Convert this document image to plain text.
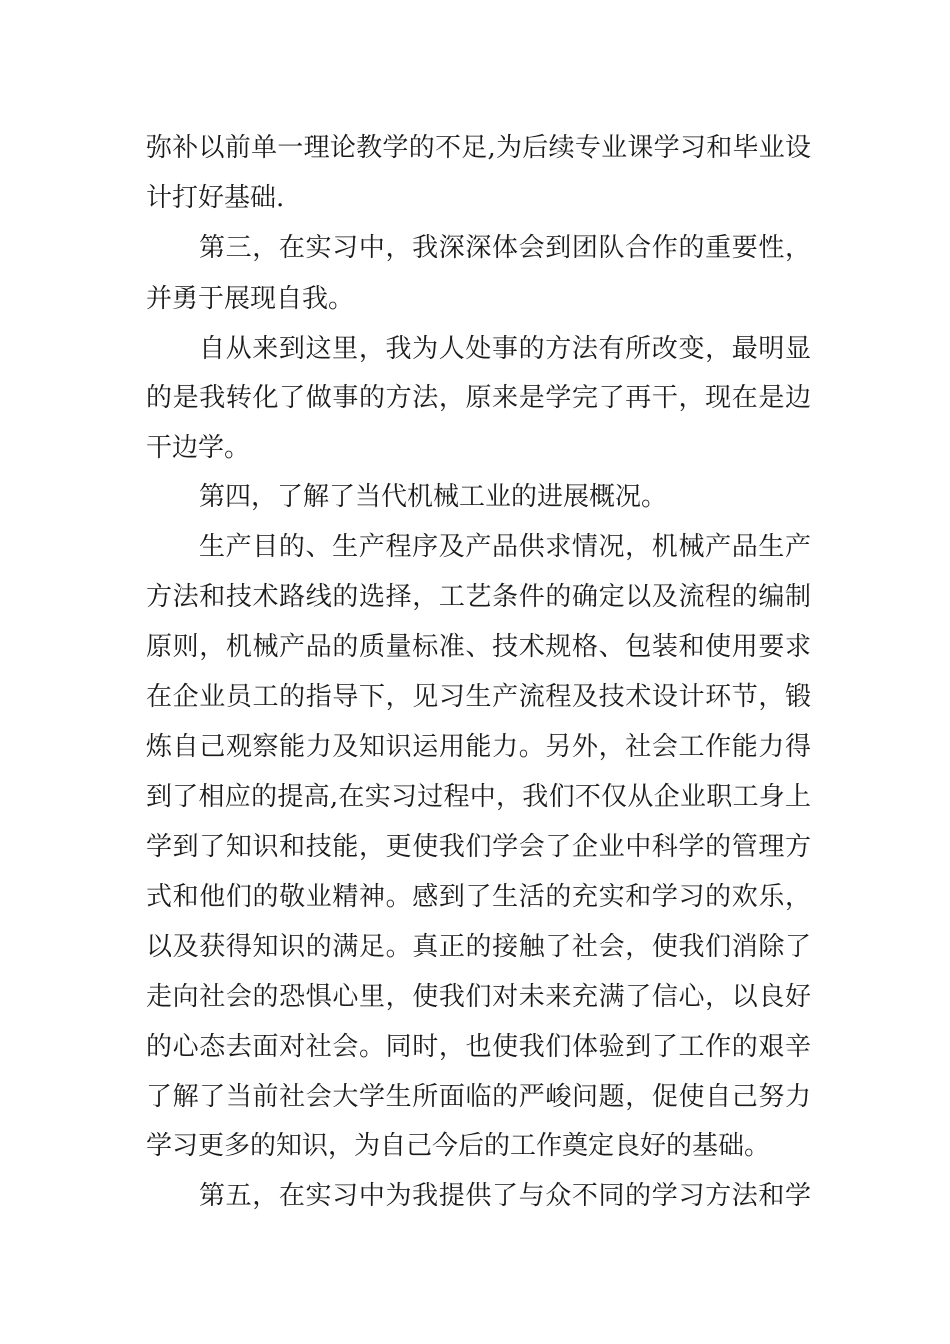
弥补以前单一理论教学的不足,为后续专业课学习和毕业设
计打好基础.
第三，在实习中，我深深体会到团队合作的重要性，
并勇于展现自我。
自从来到这里，我为人处事的方法有所改变，最明显
的是我转化了做事的方法，原来是学完了再干，现在是边
干边学。
第四，了解了当代机械工业的进展概况。
生产目的、生产程序及产品供求情况，机械产品生产
方法和技术路线的选择，工艺条件的确定以及流程的编制
原则，机械产品的质量标准、技术规格、包装和使用要求
在企业员工的指导下，见习生产流程及技术设计环节，锻
炼自己观察能力及知识运用能力。另外，社会工作能力得
到了相应的提高,在实习过程中，我们不仅从企业职工身上
学到了知识和技能，更使我们学会了企业中科学的管理方
式和他们的敬业精神。感到了生活的充实和学习的欢乐，
以及获得知识的满足。真正的接触了社会，使我们消除了
走向社会的恐惧心里，使我们对未来充满了信心，以良好
的心态去面对社会。同时，也使我们体验到了工作的艰辛
了解了当前社会大学生所面临的严峻问题，促使自己努力
学习更多的知识，为自己今后的工作奠定良好的基础。
第五，在实习中为我提供了与众不同的学习方法和学
